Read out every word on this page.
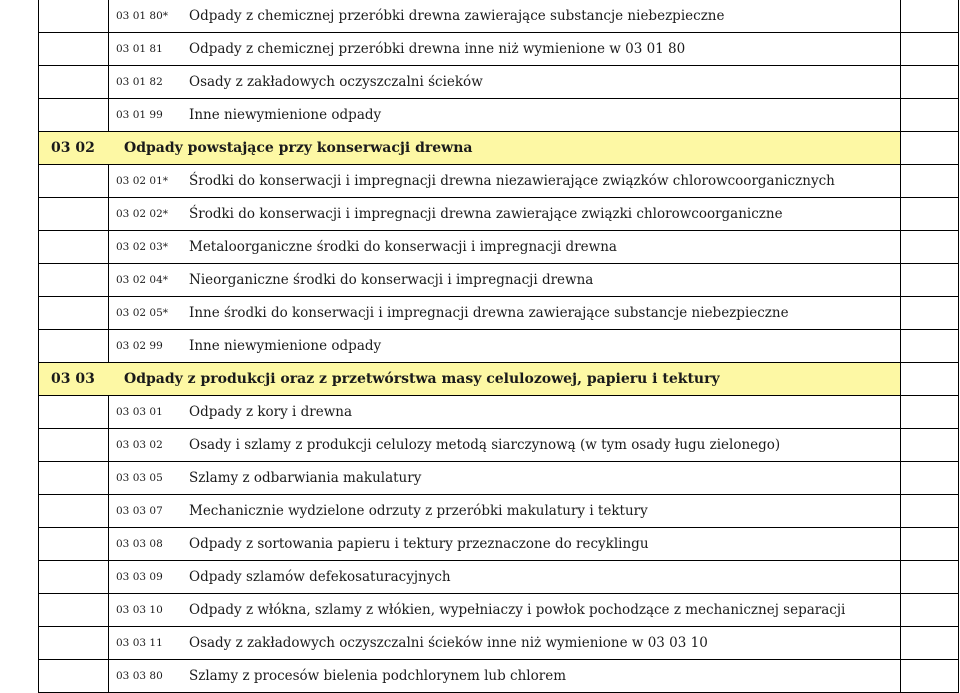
	03 01 80* Odpady z chemicznej przeróbki drewna zawierające substancje niebezpieczne	

	03 01 81 Odpady z chemicznej przeróbki drewna inne niż wymienione w 03 01 80	

	03 01 82 Osady z zakładowych oczyszczalni ścieków	

	03 01 99 Inne niewymienione odpady	

03 02 Odpady powstające przy konserwacji drewna		

	03 02 01* Środki do konserwacji i impregnacji drewna niezawierające związków chlorowcoorganicznych	

	03 02 02* Środki do konserwacji i impregnacji drewna zawierające związki chlorowcoorganiczne	

	03 02 03* Metaloorganiczne środki do konserwacji i impregnacji drewna	

	03 02 04* Nieorganiczne środki do konserwacji i impregnacji drewna	

	03 02 05* Inne środki do konserwacji i impregnacji drewna zawierające substancje niebezpieczne	

	03 02 99 Inne niewymienione odpady	

03 03 Odpady z produkcji oraz z przetwórstwa masy celulozowej, papieru i tektury		

	03 03 01 Odpady z kory i drewna	

	03 03 02 Osady i szlamy z produkcji celulozy metodą siarczynową (w tym osady ługu zielonego)	

	03 03 05 Szlamy z odbarwiania makulatury	

	03 03 07 Mechanicznie wydzielone odrzuty z przeróbki makulatury i tektury	

	03 03 08 Odpady z sortowania papieru i tektury przeznaczone do recyklingu	

	03 03 09 Odpady szlamów defekosaturacyjnych	

	03 03 10 Odpady z włókna, szlamy z włókien, wypełniaczy i powłok pochodzące z mechanicznej separacji	

	03 03 11 Osady z zakładowych oczyszczalni ścieków inne niż wymienione w 03 03 10	

	03 03 80 Szlamy z procesów bielenia podchlorynem lub chlorem	
